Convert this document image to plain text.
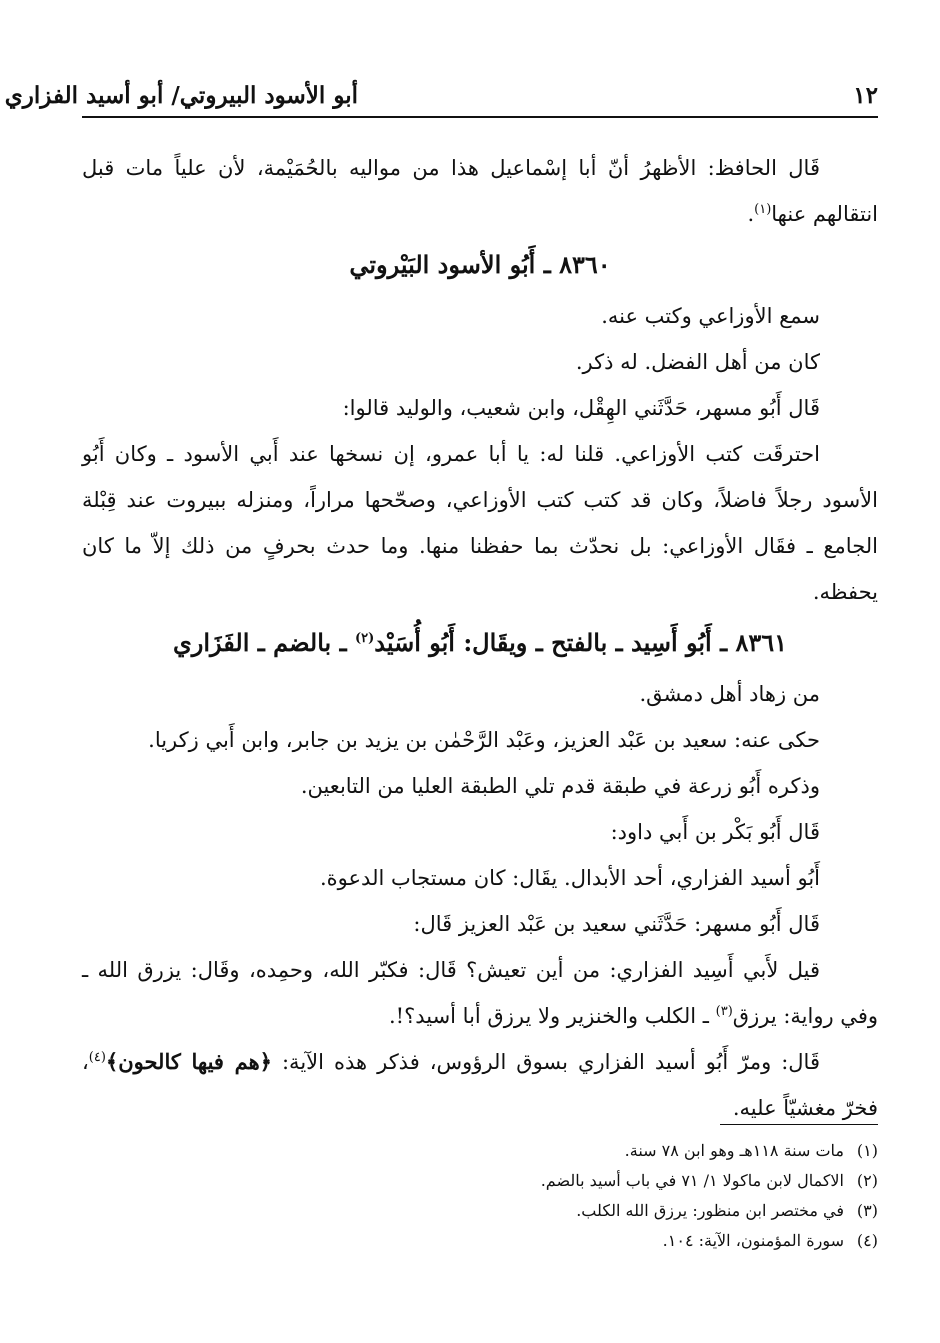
١٢
أبو الأسود البيروتي/ أبو أسيد الفزاري
قَال الحافظ: الأظهرُ أنّ أبا إسْماعيل هذا من مواليه بالحُمَيْمة، لأن علياً مات قبل انتقالهم عنها$^{(١)}$.
٨٣٦٠ ـ أَبُو الأسود البَيْروتي
سمع الأوزاعي وكتب عنه.
كان من أهل الفضل. له ذكر.
قَال أَبُو مسهر، حَدَّثَني الهِقْل، وابن شعيب، والوليد قالوا:
احترقَت كتب الأوزاعي. قلنا له: يا أبا عمرو، إن نسخها عند أَبي الأسود ـ وكان أَبُو الأسود رجلاً فاضلاً، وكان قد كتب كتب الأوزاعي، وصحّحها مراراً، ومنزله ببيروت عند قِبْلة الجامع ـ فقَال الأوزاعي: بل نحدّث بما حفظنا منها. وما حدث بحرفٍ من ذلك إلاّ ما كان يحفظه.
٨٣٦١ ـ أَبُو أَسِيد ـ بالفتح ـ ويقَال: أَبُو أُسَيْد$^{(٢)}$ ـ بالضم ـ الفَزَاري
من زهاد أهل دمشق.
حكى عنه: سعيد بن عَبْد العزيز، وعَبْد الرَّحْمٰن بن يزيد بن جابر، وابن أَبي زكريا.
وذكره أَبُو زرعة في طبقة قدم تلي الطبقة العليا من التابعين.
قَال أَبُو بَكْر بن أَبي داود:
أَبُو أسيد الفزاري، أحد الأبدال. يقَال: كان مستجاب الدعوة.
قَال أَبُو مسهر: حَدَّثَني سعيد بن عَبْد العزيز قَال:
قيل لأَبي أَسِيد الفزاري: من أين تعيش؟ قَال: فكبّر الله، وحمِده، وقَال: يزرق الله ـ وفي رواية: يرزق$^{(٣)}$ ـ الكلب والخنزير ولا يرزق أبا أسيد؟!.
قَال: ومرّ أَبُو أسيد الفزاري بسوق الرؤوس، فذكر هذه الآية: ﴿هم فيها كالحون﴾$^{(٤)}$، فخرّ مغشيّاً عليه.
(١)مات سنة ١١٨هـ وهو ابن ٧٨ سنة.
(٢)الاكمال لابن ماكولا ١/ ٧١ في باب أسيد بالضم.
(٣)في مختصر ابن منظور: يرزق الله الكلب.
(٤)سورة المؤمنون، الآية: ١٠٤.
